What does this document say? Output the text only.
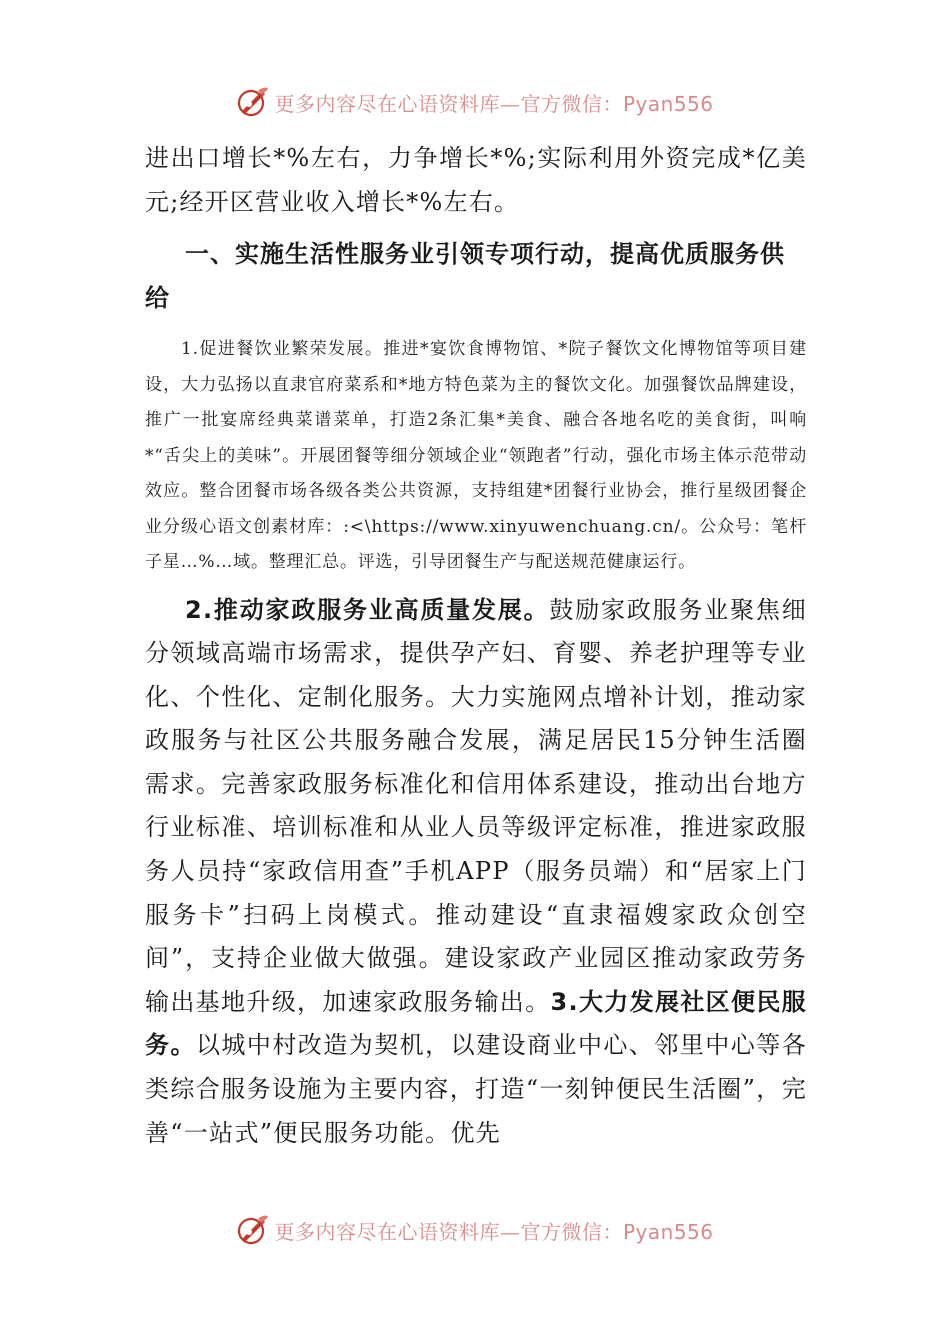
更多内容尽在心语资料库—官方微信：Pyan556

进出口增长*%左右，力争增长*%;实际利用外资完成*亿美元;经开区营业收入增长*%左右。

一、实施生活性服务业引领专项行动，提高优质服务供给

1.促进餐饮业繁荣发展。推进*宴饮食博物馆、*院子餐饮文化博物馆等项目建设，大力弘扬以直隶官府菜系和*地方特色菜为主的餐饮文化。加强餐饮品牌建设，推广一批宴席经典菜谱菜单，打造2条汇集*美食、融合各地名吃的美食街，叫响*“舌尖上的美味”。开展团餐等细分领域企业“领跑者”行动，强化市场主体示范带动效应。整合团餐市场各级各类公共资源，支持组建*团餐行业协会，推行星级团餐企业分级心语文创素材库：:<\https://www.xinyuwenchuang.cn/。公众号：笔杆子星…%…域。整理汇总。评选，引导团餐生产与配送规范健康运行。

2.推动家政服务业高质量发展。鼓励家政服务业聚焦细分领域高端市场需求，提供孕产妇、育婴、养老护理等专业化、个性化、定制化服务。大力实施网点增补计划，推动家政服务与社区公共服务融合发展，满足居民15分钟生活圈需求。完善家政服务标准化和信用体系建设，推动出台地方行业标准、培训标准和从业人员等级评定标准，推进家政服务人员持“家政信用查”手机APP（服务员端）和“居家上门服务卡”扫码上岗模式。推动建设“直隶福嫂家政众创空间”，支持企业做大做强。建设家政产业园区推动家政劳务输出基地升级，加速家政服务输出。3.大力发展社区便民服务。以城中村改造为契机，以建设商业中心、邻里中心等各类综合服务设施为主要内容，打造“一刻钟便民生活圈”，完善“一站式”便民服务功能。优先

更多内容尽在心语资料库—官方微信：Pyan556
